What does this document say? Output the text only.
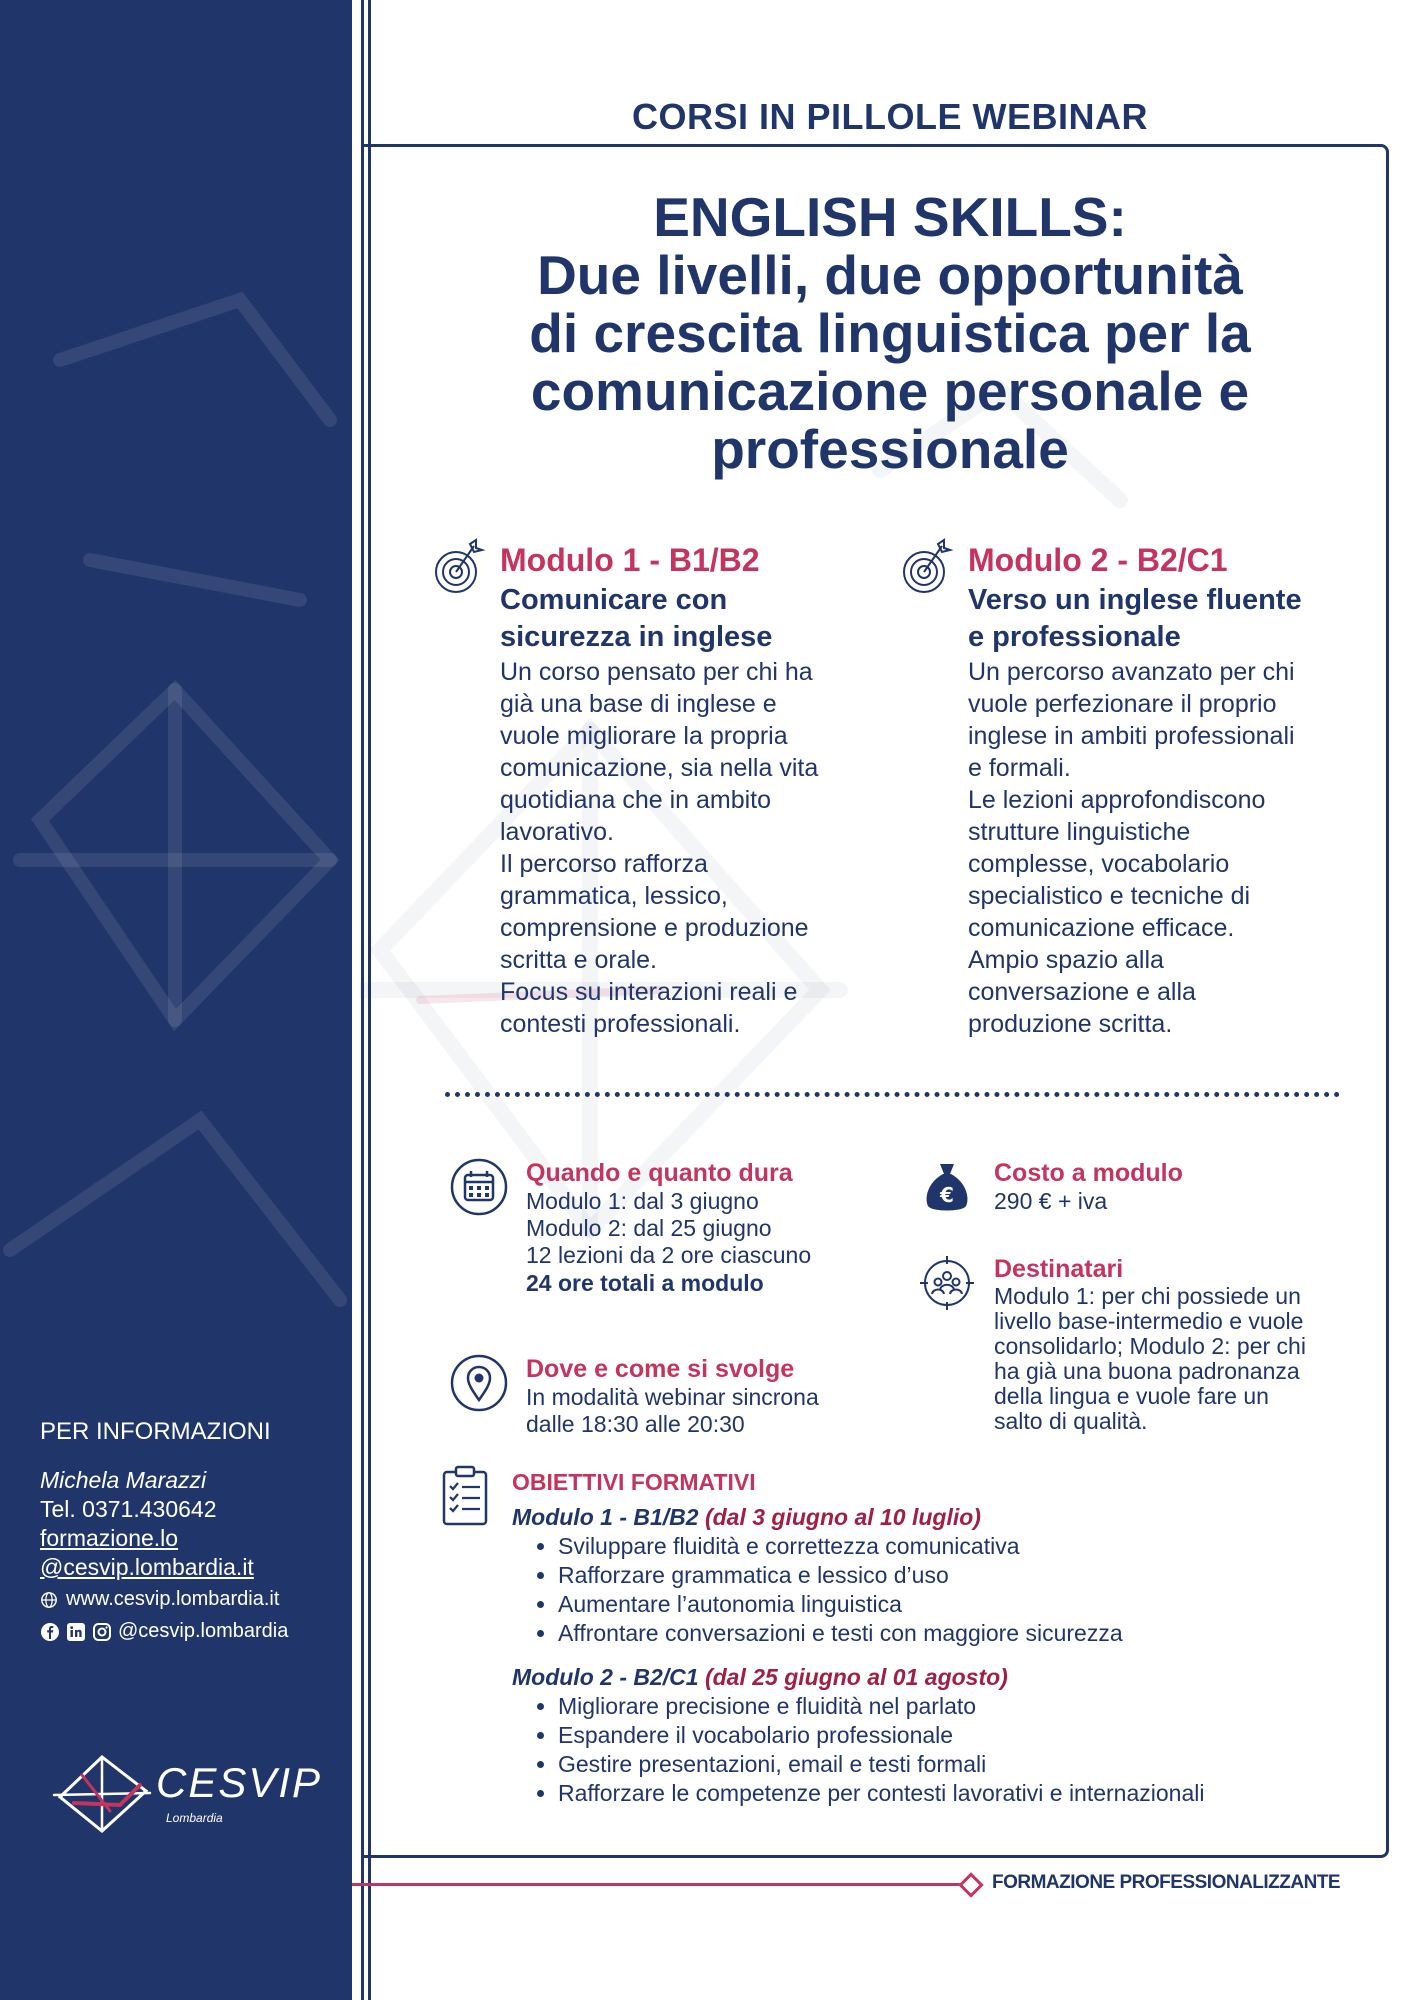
PER INFORMAZIONI

Michela Marazzi

Tel. 0371.430642

formazione.lo

@cesvip.lombardia.it

www.cesvip.lombardia.it
@cesvip.lombardia
CESVIP
Lombardia
CORSI IN PILLOLE WEBINAR
ENGLISH SKILLS:
Due livelli, due opportunità
di crescita linguistica per la
comunicazione personale e
professionale

Modulo 1 - B1/B2

Comunicare con

sicurezza in inglese

Un corso pensato per chi ha

già una base di inglese e

vuole migliorare la propria

comunicazione, sia nella vita

quotidiana che in ambito

lavorativo.

Il percorso rafforza

grammatica, lessico,

comprensione e produzione

scritta e orale.

Focus su interazioni reali e

contesti professionali.

Modulo 2 - B2/C1

Verso un inglese fluente

e professionale

Un percorso avanzato per chi

vuole perfezionare il proprio

inglese in ambiti professionali

e formali.

Le lezioni approfondiscono

strutture linguistiche

complesse, vocabolario

specialistico e tecniche di

comunicazione efficace.

Ampio spazio alla

conversazione e alla

produzione scritta.

Quando e quanto dura

Modulo 1: dal 3 giugno

Modulo 2: dal 25 giugno

12 lezioni da 2 ore ciascuno

24 ore totali a modulo

€

Costo a modulo

290 € + iva

Destinatari

Modulo 1: per chi possiede un

livello base-intermedio e vuole

consolidarlo; Modulo 2: per chi

ha già una buona padronanza

della lingua e vuole fare un

salto di qualità.

Dove e come si svolge

In modalità webinar sincrona

dalle 18:30 alle 20:30

OBIETTIVI FORMATIVI

Modulo 1 - B1/B2 (dal 3 giugno al 10 luglio)

• Sviluppare fluidità e correttezza comunicativa
• Rafforzare grammatica e lessico d’uso
• Aumentare l’autonomia linguistica
• Affrontare conversazioni e testi con maggiore sicurezza

Modulo 2 - B2/C1 (dal 25 giugno al 01 agosto)

• Migliorare precisione e fluidità nel parlato
• Espandere il vocabolario professionale
• Gestire presentazioni, email e testi formali
• Rafforzare le competenze per contesti lavorativi e internazionali
FORMAZIONE PROFESSIONALIZZANTE
